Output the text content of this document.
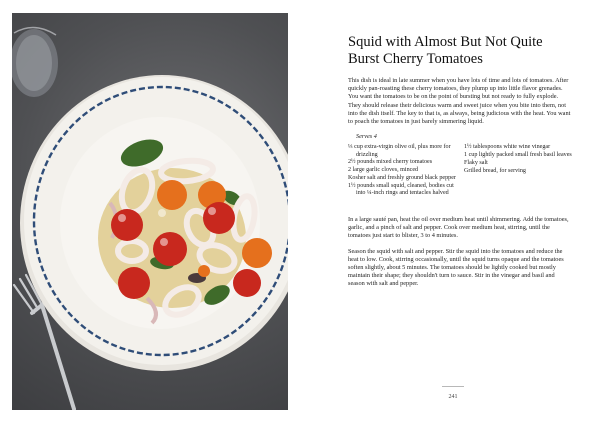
Squid with Almost But Not Quite Burst Cherry Tomatoes

This dish is ideal in late summer when you have lots of time and lots of tomatoes. After quickly pan-roasting these cherry tomatoes, they plump up into little flavor grenades. You want the tomatoes to be on the point of bursting but not ready to fully explode. They should release their delicious warm and sweet juice when you bite into them, not into the dish itself. The key to that is, as always, being judicious with the heat. You want to poach the tomatoes in just barely simmering liquid.

Serves 4
⅓ cup extra-virgin olive oil, plus more for drizzling
2½ pounds mixed cherry tomatoes
2 large garlic cloves, minced
Kosher salt and freshly ground black pepper
1½ pounds small squid, cleaned, bodies cut into ¼-inch rings and tentacles halved
1½ tablespoons white wine vinegar
1 cup lightly packed small fresh basil leaves
Flaky salt
Grilled bread, for serving

In a large sauté pan, heat the oil over medium heat until shimmering. Add the tomatoes, garlic, and a pinch of salt and pepper. Cook over medium heat, stirring, until the tomatoes just start to blister, 3 to 4 minutes.

Season the squid with salt and pepper. Stir the squid into the tomatoes and reduce the heat to low. Cook, stirring occasionally, until the squid turns opaque and the tomatoes soften slightly, about 5 minutes. The tomatoes should be lightly cooked but mostly maintain their shape; they shouldn't turn to sauce. Stir in the vinegar and basil and season with salt and pepper.

241
